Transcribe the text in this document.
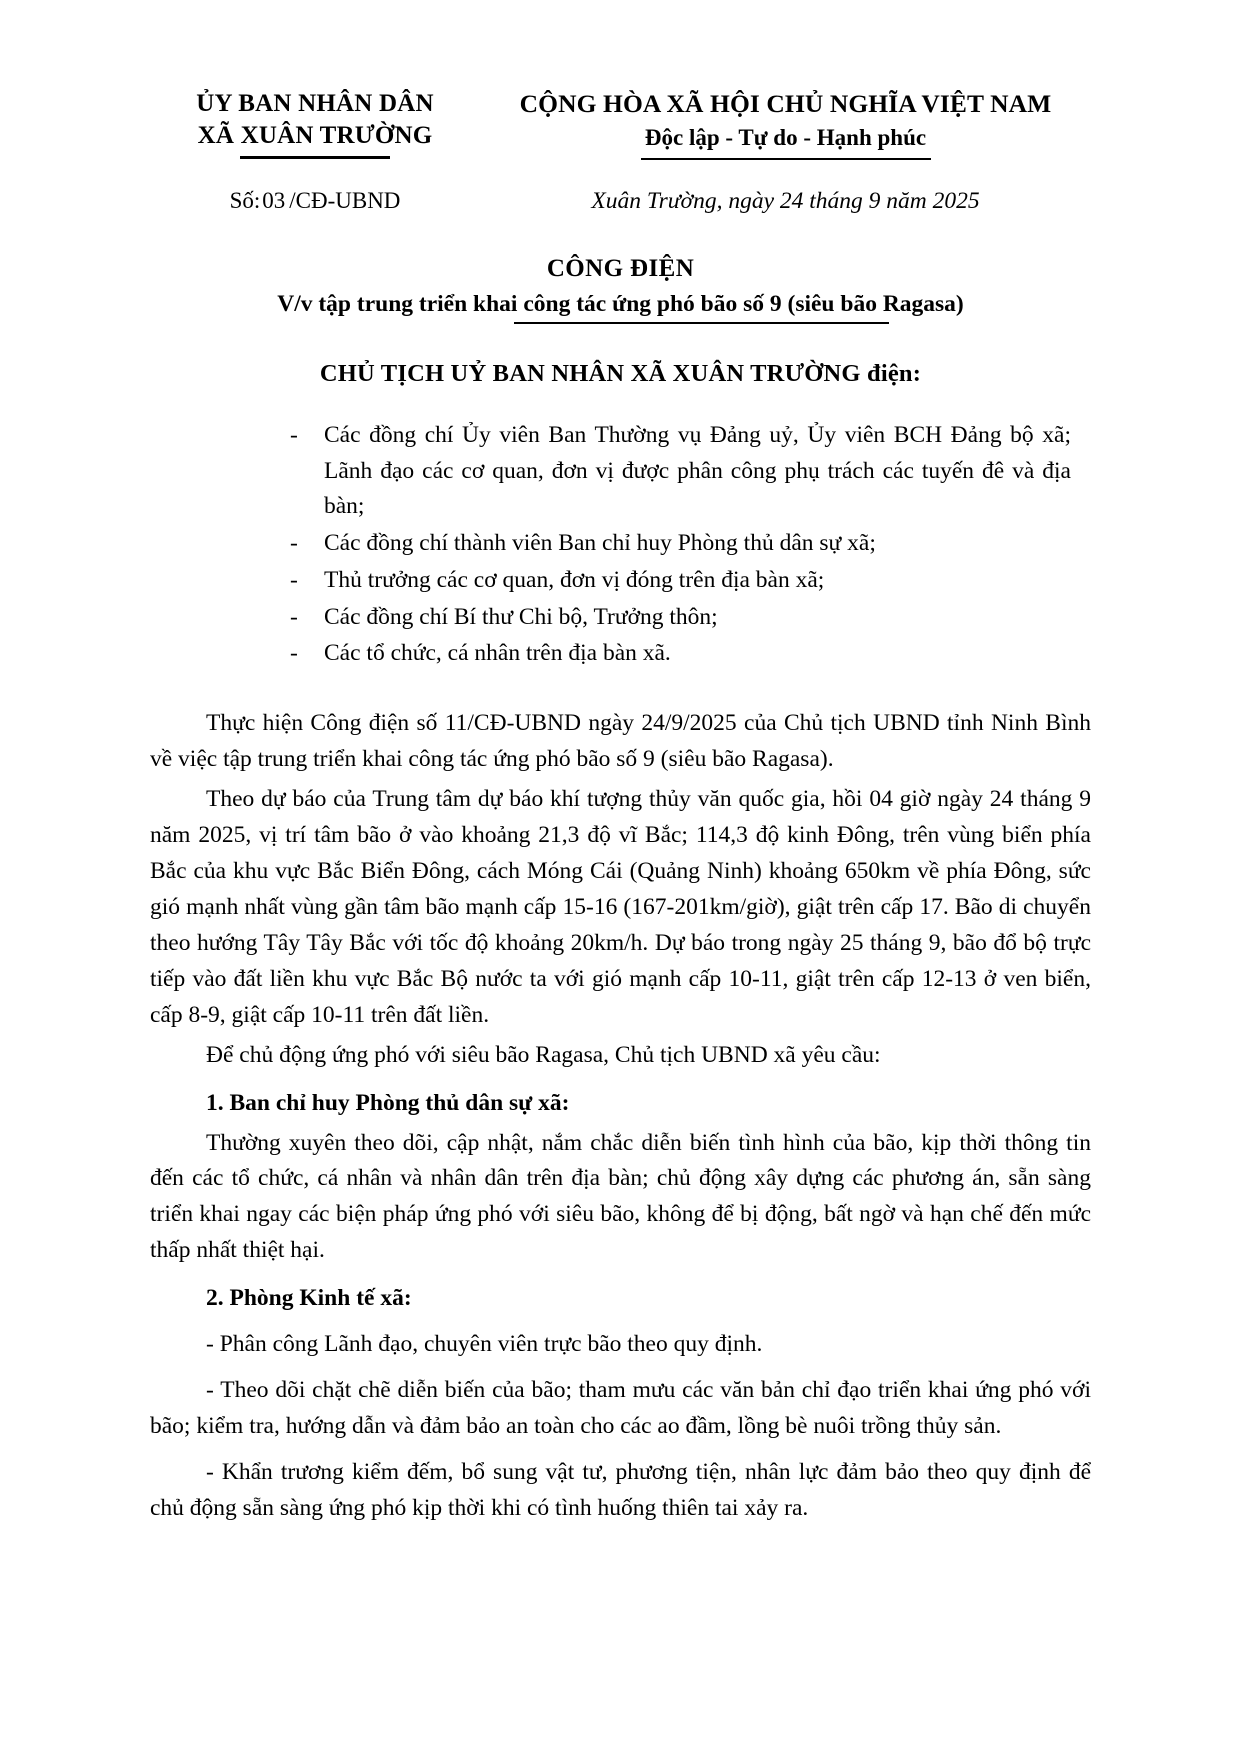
ỦY BAN NHÂN DÂN
XÃ XUÂN TRƯỜNG
CỘNG HÒA XÃ HỘI CHỦ NGHĨA VIỆT NAM
Độc lập - Tự do - Hạnh phúc
Số:03 /CĐ-UBND	Xuân Trường, ngày 24 tháng 9 năm 2025
CÔNG ĐIỆN
V/v tập trung triển khai công tác ứng phó bão số 9 (siêu bão Ragasa)
CHỦ TỊCH UỶ BAN NHÂN XÃ XUÂN TRƯỜNG điện:
-	Các đồng chí Ủy viên Ban Thường vụ Đảng uỷ, Ủy viên BCH Đảng bộ xã; Lãnh đạo các cơ quan, đơn vị được phân công phụ trách các tuyến đê và địa bàn;
-	Các đồng chí thành viên Ban chỉ huy Phòng thủ dân sự xã;
-	Thủ trưởng các cơ quan, đơn vị đóng trên địa bàn xã;
-	Các đồng chí Bí thư Chi bộ, Trưởng thôn;
-	Các tổ chức, cá nhân trên địa bàn xã.

Thực hiện Công điện số 11/CĐ-UBND ngày 24/9/2025 của Chủ tịch UBND tỉnh Ninh Bình về việc tập trung triển khai công tác ứng phó bão số 9 (siêu bão Ragasa).

Theo dự báo của Trung tâm dự báo khí tượng thủy văn quốc gia, hồi 04 giờ ngày 24 tháng 9 năm 2025, vị trí tâm bão ở vào khoảng 21,3 độ vĩ Bắc; 114,3 độ kinh Đông, trên vùng biển phía Bắc của khu vực Bắc Biển Đông, cách Móng Cái (Quảng Ninh) khoảng 650km về phía Đông, sức gió mạnh nhất vùng gần tâm bão mạnh cấp 15-16 (167-201km/giờ), giật trên cấp 17. Bão di chuyển theo hướng Tây Tây Bắc với tốc độ khoảng 20km/h. Dự báo trong ngày 25 tháng 9, bão đổ bộ trực tiếp vào đất liền khu vực Bắc Bộ nước ta với gió mạnh cấp 10-11, giật trên cấp 12-13 ở ven biển, cấp 8-9, giật cấp 10-11 trên đất liền.

Để chủ động ứng phó với siêu bão Ragasa, Chủ tịch UBND xã yêu cầu:

1. Ban chỉ huy Phòng thủ dân sự xã:

Thường xuyên theo dõi, cập nhật, nắm chắc diễn biến tình hình của bão, kịp thời thông tin đến các tổ chức, cá nhân và nhân dân trên địa bàn; chủ động xây dựng các phương án, sẵn sàng triển khai ngay các biện pháp ứng phó với siêu bão, không để bị động, bất ngờ và hạn chế đến mức thấp nhất thiệt hại.

2. Phòng Kinh tế xã:

- Phân công Lãnh đạo, chuyên viên trực bão theo quy định.

- Theo dõi chặt chẽ diễn biến của bão; tham mưu các văn bản chỉ đạo triển khai ứng phó với bão; kiểm tra, hướng dẫn và đảm bảo an toàn cho các ao đầm, lồng bè nuôi trồng thủy sản.

- Khẩn trương kiểm đếm, bổ sung vật tư, phương tiện, nhân lực đảm bảo theo quy định để chủ động sẵn sàng ứng phó kịp thời khi có tình huống thiên tai xảy ra.
